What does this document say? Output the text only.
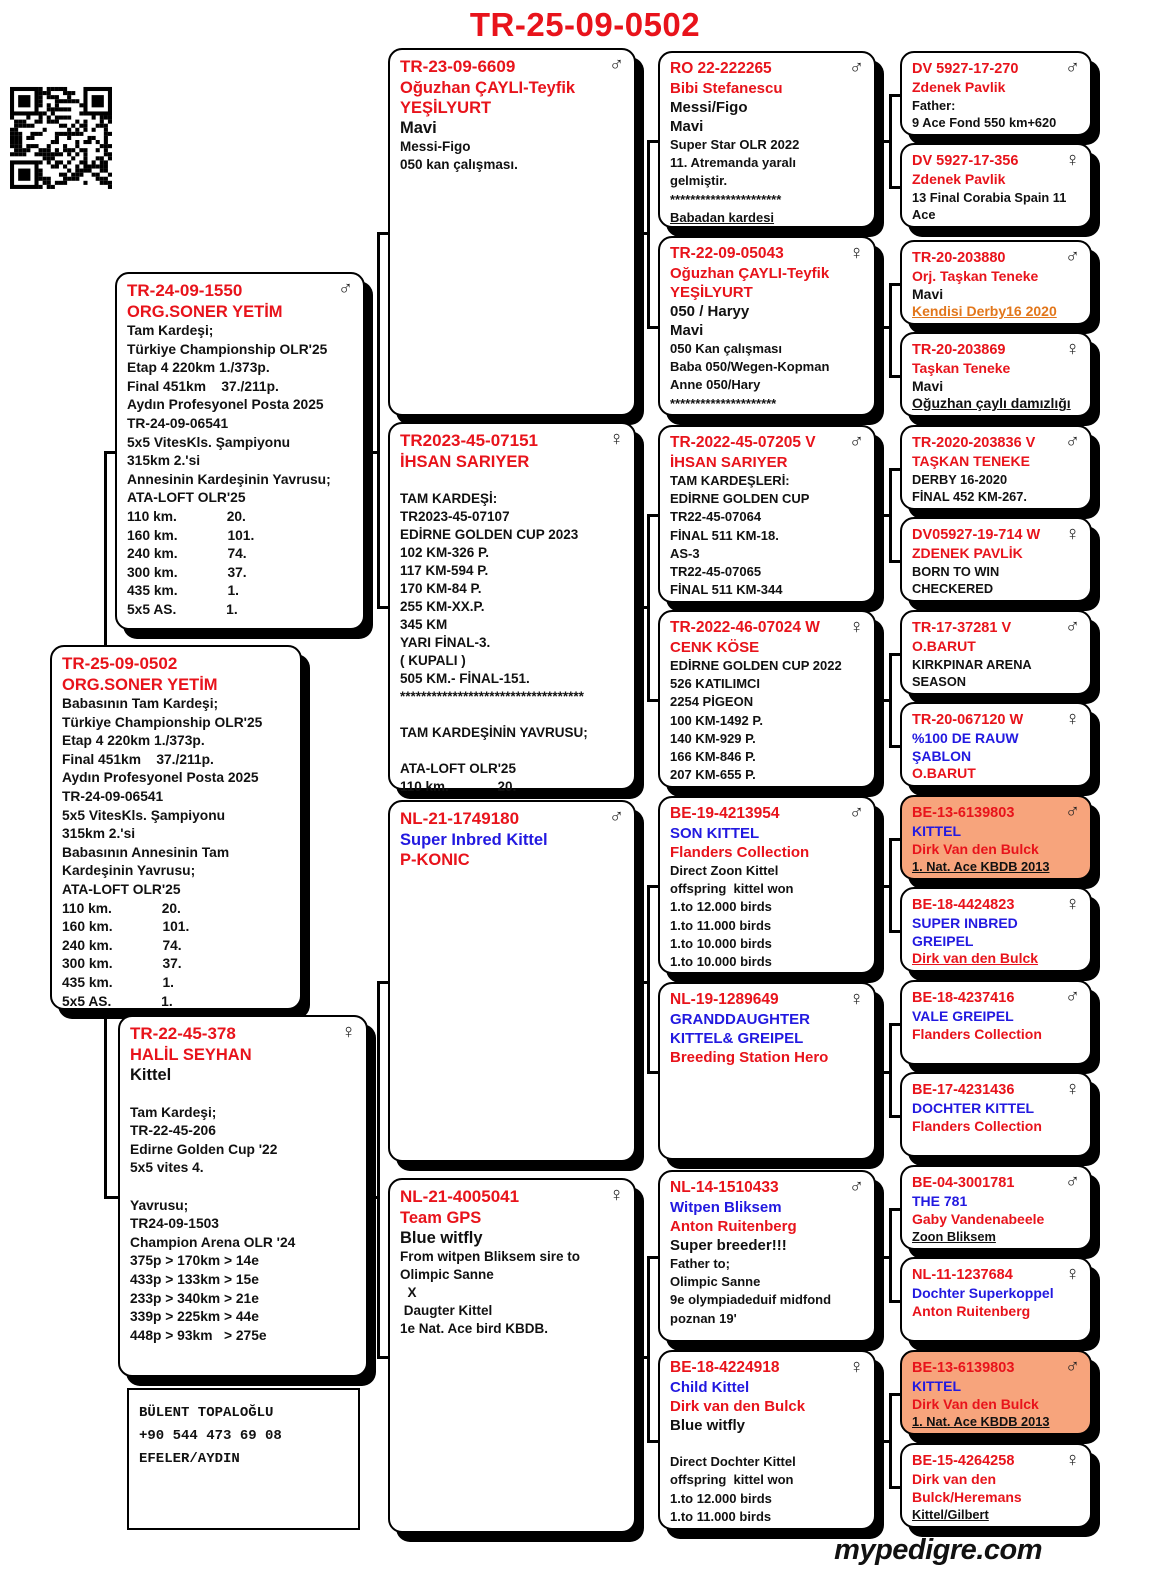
TR-25-09-0502
TR-24-09-1550	♂
ORG.SONER YETİM
Tam Kardeşi;
Türkiye Championship OLR'25
Etap 4 220km 1./373p.
Final 451km    37./211p.
Aydın Profesyonel Posta 2025
TR-24-09-06541
5x5 VitesKls. Şampiyonu
315km 2.'si
Annesinin Kardeşinin Yavrusu;
ATA-LOFT OLR'25
110 km.             20.
160 km.             101.
240 km.             74.
300 km.             37.
435 km.             1.
5x5 AS.             1.
TR-25-09-0502
ORG.SONER YETİM
Babasının Tam Kardeşi;
Türkiye Championship OLR'25
Etap 4 220km 1./373p.
Final 451km    37./211p.
Aydın Profesyonel Posta 2025
TR-24-09-06541
5x5 VitesKls. Şampiyonu
315km 2.'si
Babasının Annesinin Tam
Kardeşinin Yavrusu;
ATA-LOFT OLR'25
110 km.             20.
160 km.             101.
240 km.             74.
300 km.             37.
435 km.             1.
5x5 AS.             1.
TR-22-45-378	♀
HALİL SEYHAN
Kittel

Tam Kardeşi;
TR-22-45-206
Edirne Golden Cup '22
5x5 vites 4.

Yavrusu;
TR24-09-1503
Champion Arena OLR '24
375p > 170km > 14e
433p > 133km > 15e
233p > 340km > 21e
339p > 225km > 44e
448p > 93km   > 275e
TR-23-09-6609	♂
Oğuzhan ÇAYLI-Teyfik
YEŞİLYURT
Mavi
Messi-Figo
050 kan çalışması.
TR2023-45-07151	♀
İHSAN SARIYER

TAM KARDEŞİ:
TR2023-45-07107
EDİRNE GOLDEN CUP 2023
102 KM-326 P.
117 KM-594 P.
170 KM-84 P.
255 KM-XX.P.
345 KM
YARI FİNAL-3.
( KUPALI )
505 KM.- FİNAL-151.
***********************************

TAM KARDEŞİNİN YAVRUSU;

ATA-LOFT OLR'25
110 km.             20.
NL-21-1749180	♂
Super Inbred Kittel
P-KONIC
NL-21-4005041	♀
Team GPS
Blue witfly
From witpen Bliksem sire to
Olimpic Sanne
X
Daugter Kittel
1e Nat. Ace bird KBDB.
RO 22-222265	♂
Bibi Stefanescu
Messi/Figo
Mavi
Super Star OLR 2022
11. Atremanda yaralı
gelmiştir.
**********************
Babadan kardesi
TR-22-09-05043	♀
Oğuzhan ÇAYLI-Teyfik
YEŞİLYURT
050 / Haryy
Mavi
050 Kan çalışması
Baba 050/Wegen-Kopman
Anne 050/Hary
*********************
TR-2022-45-07205 V ♂
İHSAN SARIYER
TAM KARDEŞLERİ:
EDİRNE GOLDEN CUP
TR22-45-07064
FİNAL 511 KM-18.
AS-3
TR22-45-07065
FİNAL 511 KM-344
TR-2022-46-07024 W ♀
CENK KÖSE
EDİRNE GOLDEN CUP 2022
526 KATILIMCI
2254 PİGEON
100 KM-1492 P.
140 KM-929 P.
166 KM-846 P.
207 KM-655 P.
BE-19-4213954	♂
SON KITTEL
Flanders Collection
Direct Zoon Kittel
offspring  kittel won
1.to 12.000 birds
1.to 11.000 birds
1.to 10.000 birds
1.to 10.000 birds
NL-19-1289649	♀
GRANDDAUGHTER
KITTEL& GREIPEL
Breeding Station Hero
NL-14-1510433	♂
Witpen Bliksem
Anton Ruitenberg
Super breeder!!!
Father to;
Olimpic Sanne
9e olympiadeduif midfond
poznan 19'
BE-18-4224918	♀
Child Kittel
Dirk van den Bulck
Blue witfly

Direct Dochter Kittel
offspring  kittel won
1.to 12.000 birds
1.to 11.000 birds
DV 5927-17-270 ♂
Zdenek Pavlik
Father:
9 Ace Fond 550 km+620
DV 5927-17-356 ♀
Zdenek Pavlik
13 Final Corabia Spain 11
Ace
TR-20-203880	♂
Orj. Taşkan Teneke
Mavi
Kendisi Derby16 2020
TR-20-203869	♀
Taşkan Teneke
Mavi
Oğuzhan çaylı damızlığı
TR-2020-203836 V ♂
TAŞKAN TENEKE
DERBY 16-2020
FİNAL 452 KM-267.
DV05927-19-714 W ♀
ZDENEK PAVLİK
BORN TO WIN
CHECKERED
TR-17-37281 V	♂
O.BARUT
KIRKPINAR ARENA
SEASON
TR-20-067120 W ♀
%100 DE RAUW
ŞABLON
O.BARUT
BE-13-6139803	♂
KITTEL
Dirk Van den Bulck
1. Nat. Ace KBDB 2013
BE-18-4424823	♀
SUPER INBRED
GREIPEL
Dirk van den Bulck
BE-18-4237416	♂
VALE GREIPEL
Flanders Collection
BE-17-4231436	♀
DOCHTER KITTEL
Flanders Collection
BE-04-3001781	♂
THE 781
Gaby Vandenabeele
Zoon Bliksem
NL-11-1237684	♀
Dochter Superkoppel
Anton Ruitenberg
BE-13-6139803	♂
KITTEL
Dirk Van den Bulck
1. Nat. Ace KBDB 2013
BE-15-4264258	♀
Dirk van den
Bulck/Heremans
Kittel/Gilbert
BÜLENT TOPALOĞLU
+90 544 473 69 08
EFELER/AYDIN
mypedigre.com
